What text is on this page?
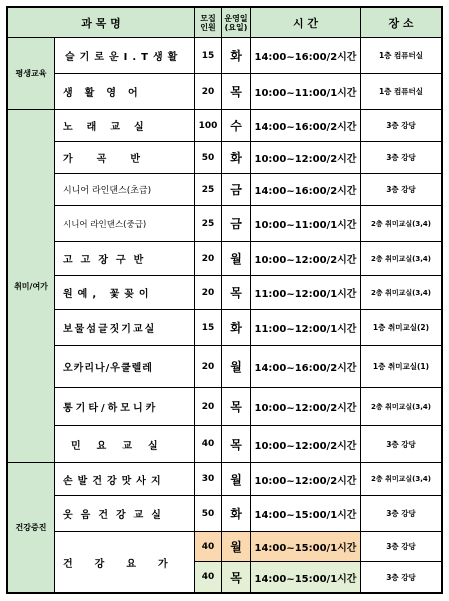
과 목 명	모집
인원
운영일
(요일)	시 간	장 소
평생교육
취미/여가
건강증진
슬기로운I.T생활 15 화 14:00~16:00/2시간	1층 컴퓨터실
생활영어	20 목 10:00~11:00/1시간	1층 컴퓨터실
노래교실	100 수 14:00~16:00/2시간	3층 강당
가곡반	50 화 10:00~12:00/2시간	3층 강당
시니어 라인댄스(초급)	25 금 14:00~16:00/2시간	3층 강당
시니어 라인댄스(중급)	25 금 10:00~11:00/1시간 2층 취미교실(3,4)
고고장구반	20 월 10:00~12:00/2시간 2층 취미교실(3,4)
원예, 꽃꽂이	20 목 11:00~12:00/1시간 2층 취미교실(3,4)
보물섬글짓기교실	15 화 11:00~12:00/1시간 1층 취미교실(2)
오카리나/우쿨렐레	20 월 14:00~16:00/2시간 1층 취미교실(1)
통기타/하모니카	20 목 10:00~12:00/2시간 2층 취미교실(3,4)
민요교실	40 목 10:00~12:00/2시간	3층 강당
손발건강맛사지	30 월 10:00~12:00/2시간 2층 취미교실(3,4)
웃음건강교실	50 화 14:00~15:00/1시간	3층 강당
건강요가
40 월 14:00~15:00/1시간	3층 강당
40 목 14:00~15:00/1시간	3층 강당
